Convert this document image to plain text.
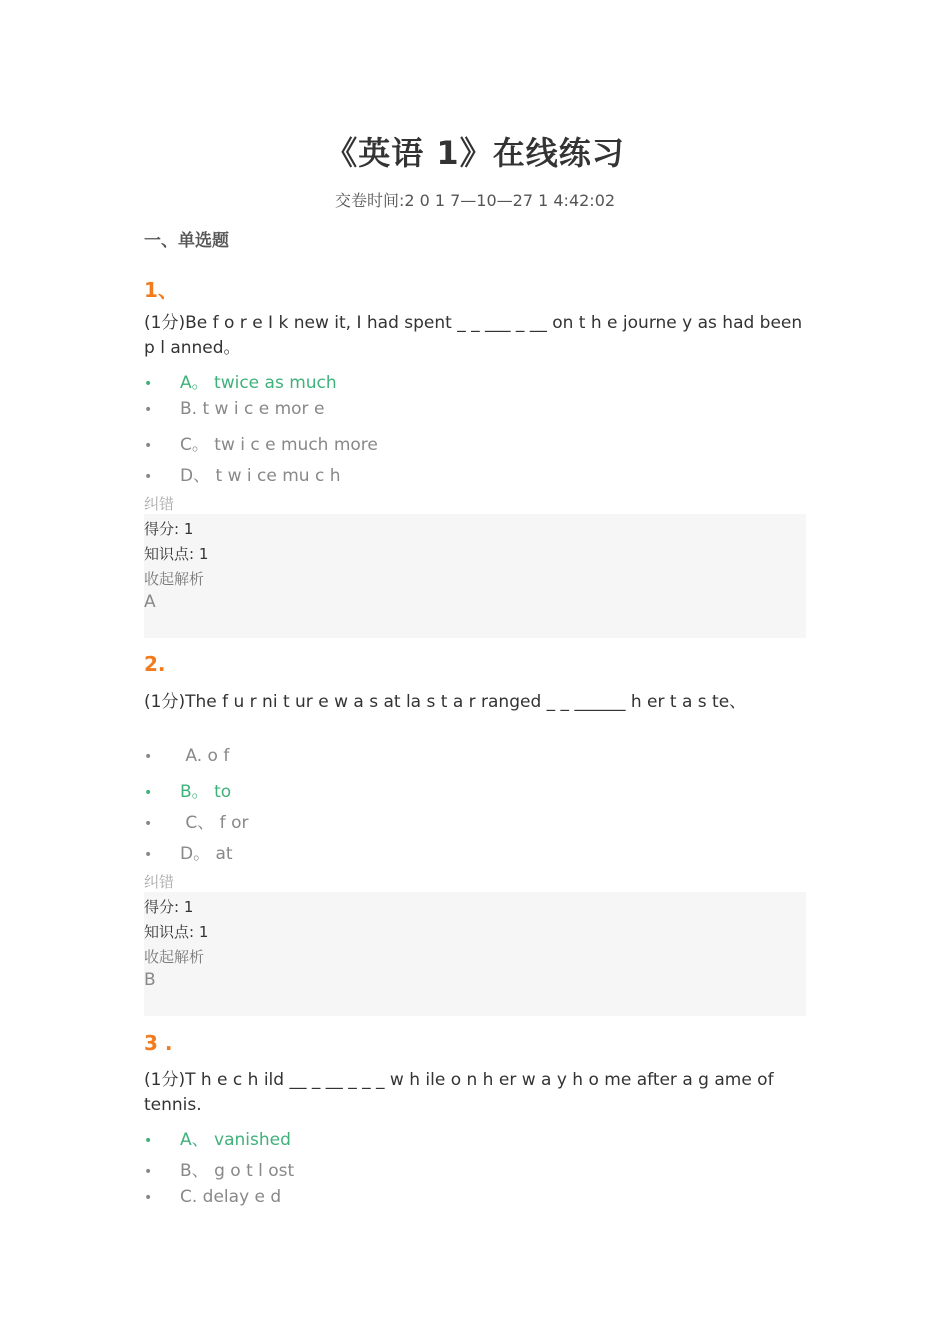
《英语 1》在线练习
交卷时间:2 0 1 7—10—27 1 4:42:02
一、单选题
1、
(1分)Be f o r e I k new it, I had spent _ _ ___ _ __ on t h e journe y as had been p l anned。
• A。 twice as much
• B. t w i c e mor e
• C。 tw i c e much more
• D、 t w i ce mu c h
纠错
得分: 1
知识点: 1
收起解析
A
2.
(1分)The f u r ni t ur e w a s at la s t a r ranged _ _ ______ h er t a s te、
• A. o f
• B。 to
• C、 f or
• D。 at
纠错
得分: 1
知识点: 1
收起解析
B
3 .
(1分)T h e c h ild __ _ __ _ _ _ w h ile o n h er w a y h o me after a g ame of tennis.
• A、 vanished
• B、 g o t l ost
• C. delay e d
